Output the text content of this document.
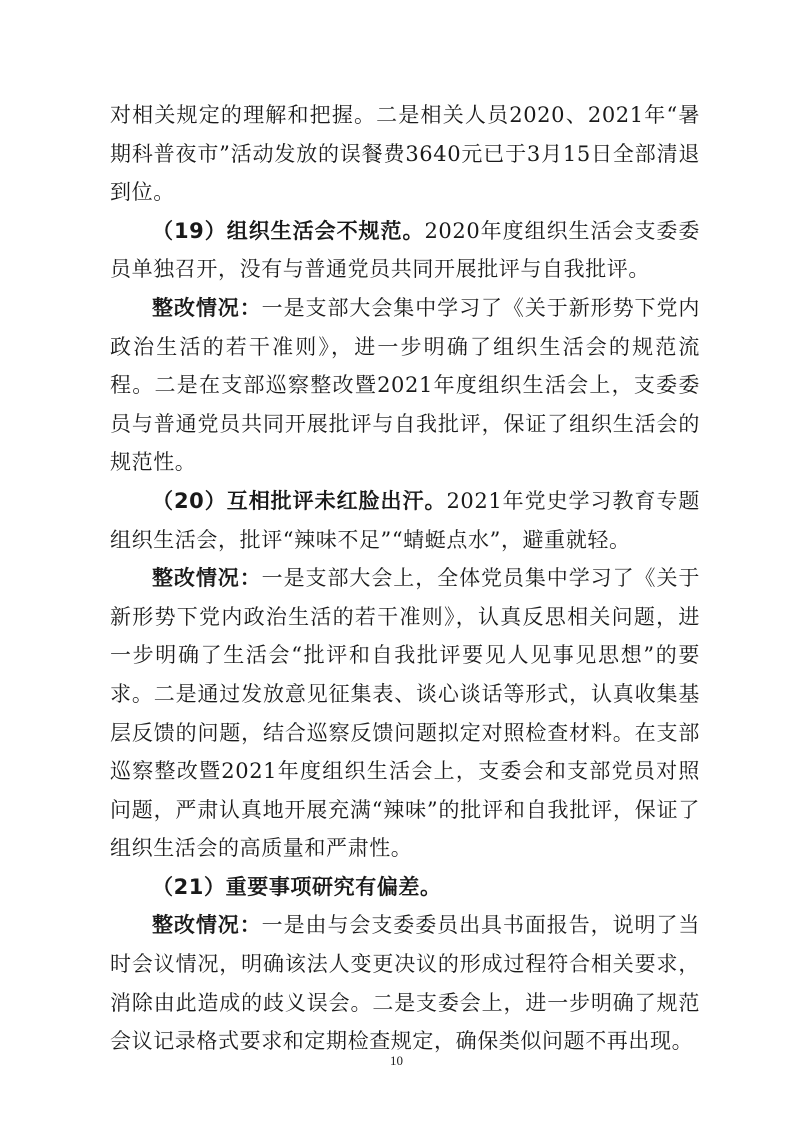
对相关规定的理解和把握。二是相关人员2020、2021年“暑期科普夜市”活动发放的误餐费3640元已于3月15日全部清退到位。

（19）组织生活会不规范。2020年度组织生活会支委委员单独召开，没有与普通党员共同开展批评与自我批评。

整改情况：一是支部大会集中学习了《关于新形势下党内政治生活的若干准则》，进一步明确了组织生活会的规范流程。二是在支部巡察整改暨2021年度组织生活会上，支委委员与普通党员共同开展批评与自我批评，保证了组织生活会的规范性。

（20）互相批评未红脸出汗。2021年党史学习教育专题组织生活会，批评“辣味不足”“蜻蜓点水”，避重就轻。

整改情况：一是支部大会上，全体党员集中学习了《关于新形势下党内政治生活的若干准则》，认真反思相关问题，进一步明确了生活会“批评和自我批评要见人见事见思想”的要求。二是通过发放意见征集表、谈心谈话等形式，认真收集基层反馈的问题，结合巡察反馈问题拟定对照检查材料。在支部巡察整改暨2021年度组织生活会上，支委会和支部党员对照问题，严肃认真地开展充满“辣味”的批评和自我批评，保证了组织生活会的高质量和严肃性。

（21）重要事项研究有偏差。

整改情况：一是由与会支委委员出具书面报告，说明了当时会议情况，明确该法人变更决议的形成过程符合相关要求，消除由此造成的歧义误会。二是支委会上，进一步明确了规范会议记录格式要求和定期检查规定，确保类似问题不再出现。

10
